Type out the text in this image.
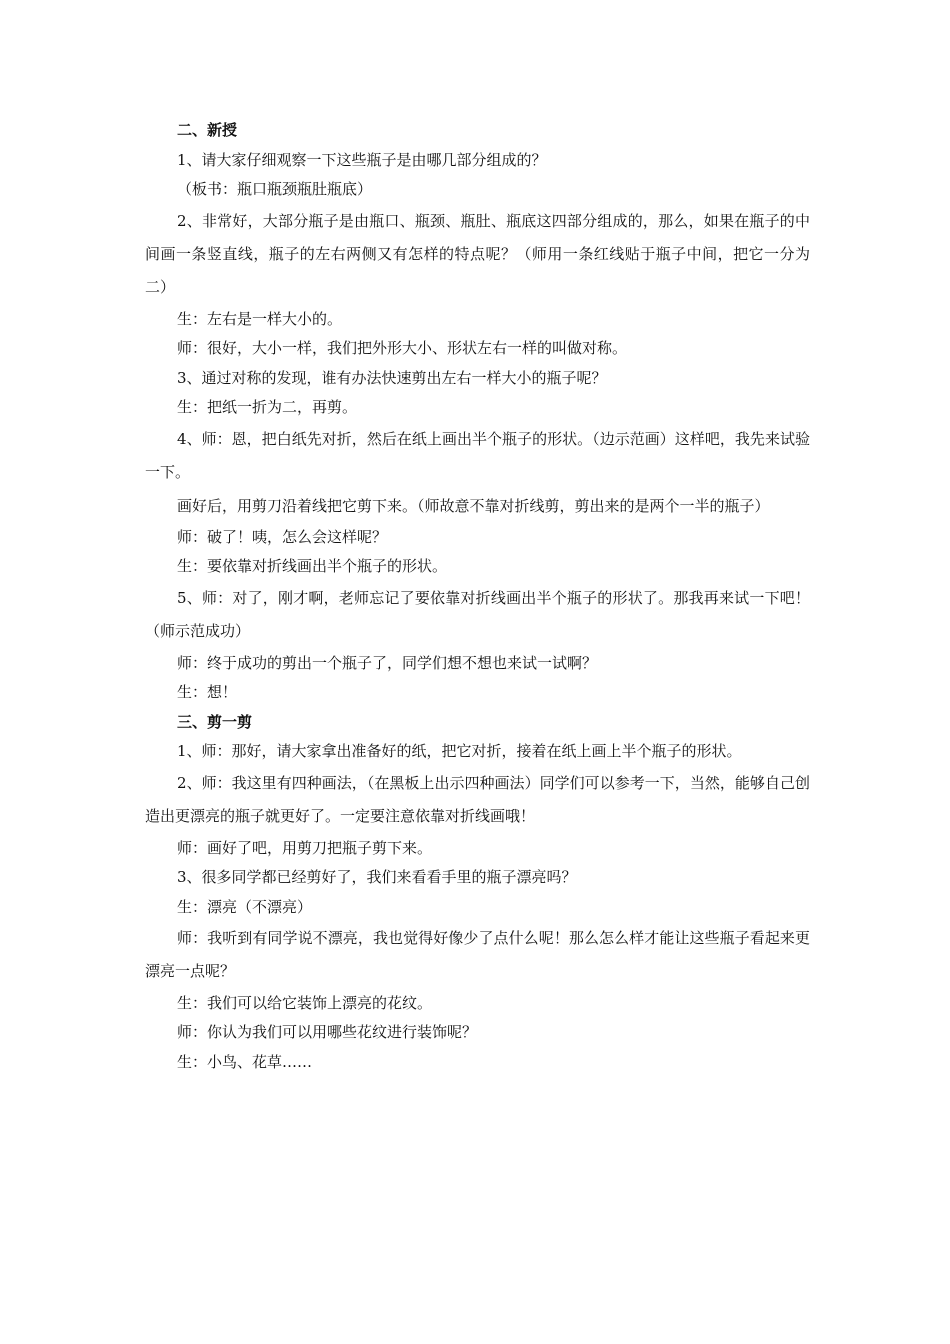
二、新授

1、请大家仔细观察一下这些瓶子是由哪几部分组成的？

（板书：瓶口瓶颈瓶肚瓶底）

2、非常好，大部分瓶子是由瓶口、瓶颈、瓶肚、瓶底这四部分组成的，那么，如果在瓶子的中间画一条竖直线，瓶子的左右两侧又有怎样的特点呢？（师用一条红线贴于瓶子中间，把它一分为二）

生：左右是一样大小的。

师：很好，大小一样，我们把外形大小、形状左右一样的叫做对称。

3、通过对称的发现，谁有办法快速剪出左右一样大小的瓶子呢？

生：把纸一折为二，再剪。

4、师：恩，把白纸先对折，然后在纸上画出半个瓶子的形状。（边示范画）这样吧，我先来试验一下。

画好后，用剪刀沿着线把它剪下来。（师故意不靠对折线剪，剪出来的是两个一半的瓶子）

师：破了！咦，怎么会这样呢？

生：要依靠对折线画出半个瓶子的形状。

5、师：对了，刚才啊，老师忘记了要依靠对折线画出半个瓶子的形状了。那我再来试一下吧！（师示范成功）

师：终于成功的剪出一个瓶子了，同学们想不想也来试一试啊？

生：想！

三、剪一剪

1、师：那好，请大家拿出准备好的纸，把它对折，接着在纸上画上半个瓶子的形状。

2、师：我这里有四种画法，（在黑板上出示四种画法）同学们可以参考一下，当然，能够自己创造出更漂亮的瓶子就更好了。一定要注意依靠对折线画哦！

师：画好了吧，用剪刀把瓶子剪下来。

3、很多同学都已经剪好了，我们来看看手里的瓶子漂亮吗？

生：漂亮（不漂亮）

师：我听到有同学说不漂亮，我也觉得好像少了点什么呢！那么怎么样才能让这些瓶子看起来更漂亮一点呢？

生：我们可以给它装饰上漂亮的花纹。

师：你认为我们可以用哪些花纹进行装饰呢？

生：小鸟、花草……
